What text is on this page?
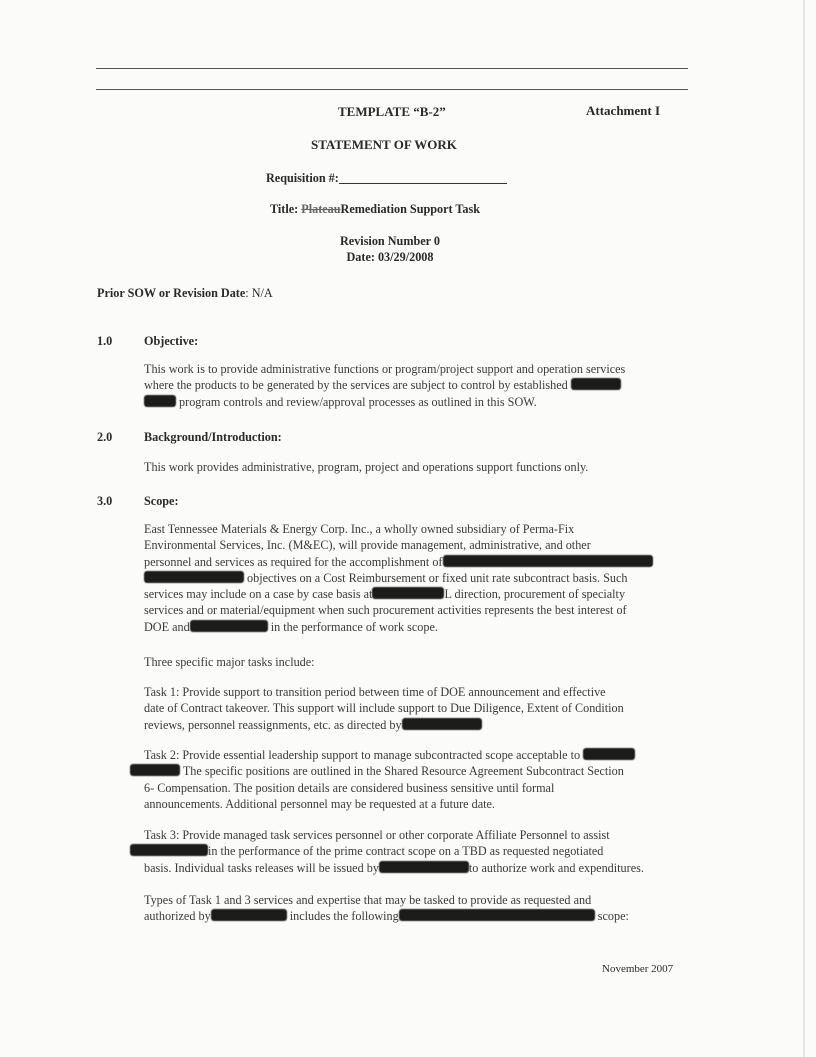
TEMPLATE “B-2”	Attachment I
STATEMENT OF WORK
Requisition #:
Title: PlateauRemediation Support Task
Revision Number 0
Date: 03/29/2008
Prior SOW or Revision Date: N/A
1.0	Objective:
This work is to provide administrative functions or program/project support and operation services
where the products to be generated by the services are subject to control by established
program controls and review/approval processes as outlined in this SOW.
2.0	Background/Introduction:
This work provides administrative, program, project and operations support functions only.
3.0	Scope:
East Tennessee Materials & Energy Corp. Inc., a wholly owned subsidiary of Perma-Fix
Environmental Services, Inc. (M&EC), will provide management, administrative, and other
personnel and services as required for the accomplishment of
objectives on a Cost Reimbursement or fixed unit rate subcontract basis. Such
services may include on a case by case basis at	L direction, procurement of specialty
services and or material/equipment when such procurement activities represents the best interest of
DOE and	in the performance of work scope.
Three specific major tasks include:
Task 1: Provide support to transition period between time of DOE announcement and effective
date of Contract takeover. This support will include support to Due Diligence, Extent of Condition
reviews, personnel reassignments, etc. as directed by
Task 2: Provide essential leadership support to manage subcontracted scope acceptable to
The specific positions are outlined in the Shared Resource Agreement Subcontract Section
6- Compensation. The position details are considered business sensitive until formal
announcements. Additional personnel may be requested at a future date.
Task 3: Provide managed task services personnel or other corporate Affiliate Personnel to assist
in the performance of the prime contract scope on a TBD as requested negotiated
basis. Individual tasks releases will be issued by	to authorize work and expenditures.
Types of Task 1 and 3 services and expertise that may be tasked to provide as requested and
authorized by	includes the following	scope:
November 2007
